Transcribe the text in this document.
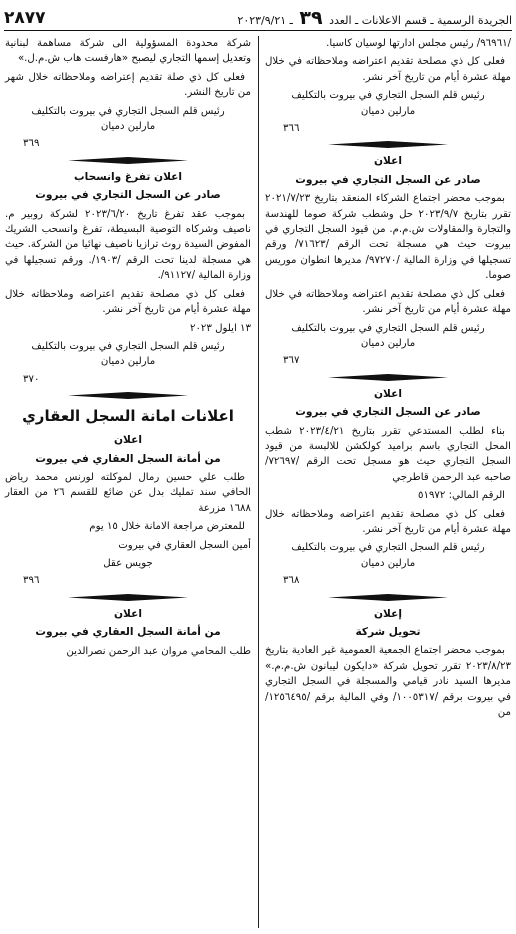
الجريدة الرسمية ـ قسم الاعلانات ـ العدد ٣٩ ـ ٢٠٢٣/٩/٢١
٢٨٧٧

/٩٦٩٦١/ رئيس مجلس ادارتها لوسيان كاسيا.

فعلى كل ذي مصلحة تقديم اعتراضه وملاحظاته في خلال مهلة عشرة أيام من تاريخ آخر نشر.

رئيس قلم السجل التجاري في بيروت بالتكليف

مارلين دميان

٣٦٦

اعلان

صادر عن السجل التجاري في بيروت

بموجب محضر اجتماع الشركاء المنعقد بتاريخ ٢٠٢١/٧/٢٣ تقرر بتاريخ ٢٠٢٣/٩/٧ حل وشطب شركة صوما للهندسة والتجارة والمقاولات ش.م.م. من قيود السجل التجاري في بيروت حيث هي مسجلة تحت الرقم /٧١٦٢٣/ ورقم تسجيلها في وزارة المالية /٩٧٢٧٠/ مديرها انطوان موريس صوما.

فعلى كل ذي مصلحة تقديم اعتراضه وملاحظاته في خلال مهلة عشرة أيام من تاريخ آخر نشر.

رئيس قلم السجل التجاري في بيروت بالتكليف

مارلين دميان

٣٦٧

اعلان

صادر عن السجل التجاري في بيروت

بناء لطلب المستدعي تقرر بتاريخ ٢٠٢٣/٤/٢١ شطب المحل التجاري باسم براميد كولكشن للالبسة من قيود السجل التجاري حيث هو مسجل تحت الرقم /٧٢٦٩٧/ صاحبه عبد الرحمن قاطرجي

الرقم المالي: ٥١٩٧٢

فعلى كل ذي مصلحة تقديم اعتراضه وملاحظاته خلال مهلة عشرة أيام من تاريخ آخر نشر.

رئيس قلم السجل التجاري في بيروت بالتكليف

مارلين دميان

٣٦٨

إعلان

تحويل شركة

بموجب محضر اجتماع الجمعية العمومية غير العادية بتاريخ ٢٠٢٣/٨/٢٣ تقرر تحويل شركة «دايكون ليبانون ش.م.م.» مديرها السيد نادر قيامي والمسجلة في السجل التجاري في بيروت برقم /١٠٠٥٣١٧/ وفي المالية برقم /١٢٥٦٤٩٥/ من

شركة محدودة المسؤولية الى شركة مساهمة لبنانية وتعديل إسمها التجاري ليصبح «هارفست هاب ش.م.ل.»

فعلى كل ذي صلة تقديم إعتراضه وملاحظاته خلال شهر من تاريخ النشر.

رئيس قلم السجل التجاري في بيروت بالتكليف

مارلين دميان

٣٦٩

اعلان تفرغ وانسحاب

صادر عن السجل التجاري في بيروت

بموجب عقد تفرغ تاريخ ٢٠٢٣/٦/٢٠ لشركة روبير م. ناصيف وشركاه التوصية البسيطة، تفرغ وانسحب الشريك المفوض السيدة روث ترازيا ناصيف نهائيا من الشركة. حيث هي مسجلة لدينا تحت الرقم /١٩٠٣/. ورقم تسجيلها في وزارة المالية /٩١١٢٧/.

فعلى كل ذي مصلحة تقديم اعتراضه وملاحظاته خلال مهلة عشرة أيام من تاريخ آخر نشر.

١٣ ايلول ٢٠٢٣

رئيس قلم السجل التجاري في بيروت بالتكليف

مارلين دميان

٣٧٠

اعلانات امانة السجل العقاري

اعلان

من أمانة السجل العقاري في بيروت

طلب علي حسين رمال لموكلته لورنس محمد رياض الحافي سند تمليك بدل عن ضائع للقسم ٢٦ من العقار ١٦٨٨ مزرعة

للمعترض مراجعة الامانة خلال ١٥ يوم

أمين السجل العقاري في بيروت

جويس عقل

٣٩٦

اعلان

من أمانة السجل العقاري في بيروت

طلب المحامي مروان عبد الرحمن نصرالدين
